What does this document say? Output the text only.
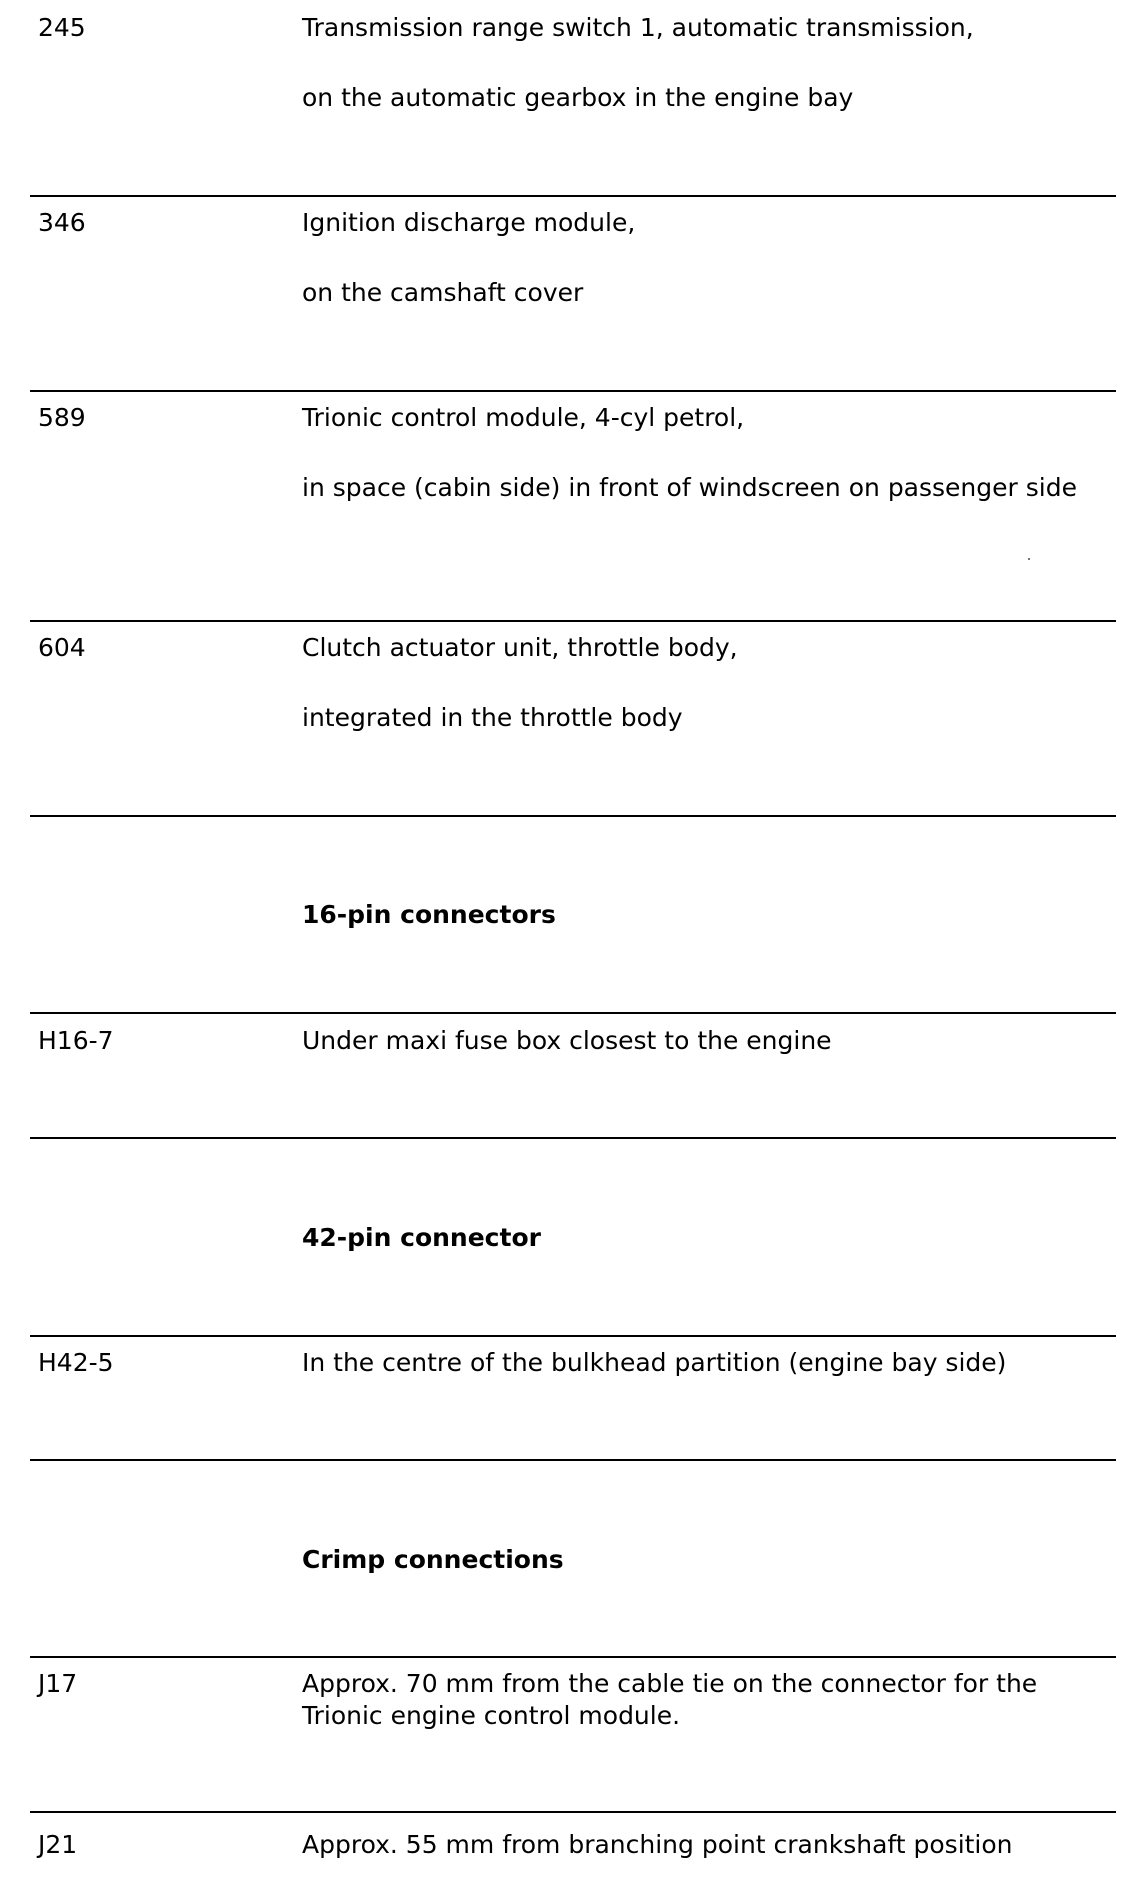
245	Transmission range switch 1, automatic transmission,
on the automatic gearbox in the engine bay
346	Ignition discharge module,
on the camshaft cover
589	Trionic control module, 4-cyl petrol,
in space (cabin side) in front of windscreen on passenger side
604	Clutch actuator unit, throttle body,
integrated in the throttle body
16-pin connectors
H16-7	Under maxi fuse box closest to the engine
42-pin connector
H42-5	In the centre of the bulkhead partition (engine bay side)
Crimp connections
J17	Approx. 70 mm from the cable tie on the connector for the Trionic engine control module.
J21	Approx. 55 mm from branching point crankshaft position
